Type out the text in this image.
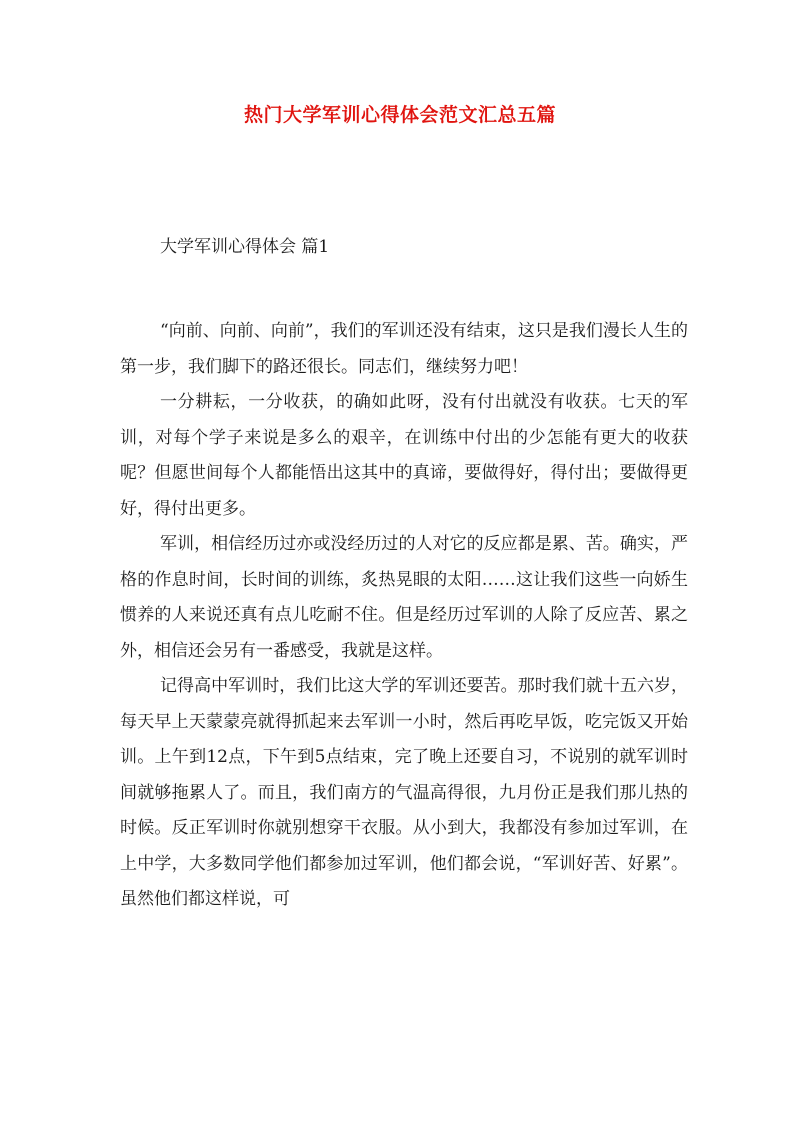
热门大学军训心得体会范文汇总五篇
大学军训心得体会 篇1

“向前、向前、向前”，我们的军训还没有结束，这只是我们漫长人生的第一步，我们脚下的路还很长。同志们，继续努力吧！

一分耕耘，一分收获，的确如此呀，没有付出就没有收获。七天的军训，对每个学子来说是多么的艰辛，在训练中付出的少怎能有更大的收获呢？但愿世间每个人都能悟出这其中的真谛，要做得好，得付出；要做得更好，得付出更多。

军训，相信经历过亦或没经历过的人对它的反应都是累、苦。确实，严格的作息时间，长时间的训练，炙热晃眼的太阳……这让我们这些一向娇生惯养的人来说还真有点儿吃耐不住。但是经历过军训的人除了反应苦、累之外，相信还会另有一番感受，我就是这样。

记得高中军训时，我们比这大学的军训还要苦。那时我们就十五六岁，每天早上天蒙蒙亮就得抓起来去军训一小时，然后再吃早饭，吃完饭又开始训。上午到12点，下午到5点结束，完了晚上还要自习，不说别的就军训时间就够拖累人了。而且，我们南方的气温高得很，九月份正是我们那儿热的时候。反正军训时你就别想穿干衣服。从小到大，我都没有参加过军训，在上中学，大多数同学他们都参加过军训，他们都会说，“军训好苦、好累”。虽然他们都这样说，可
